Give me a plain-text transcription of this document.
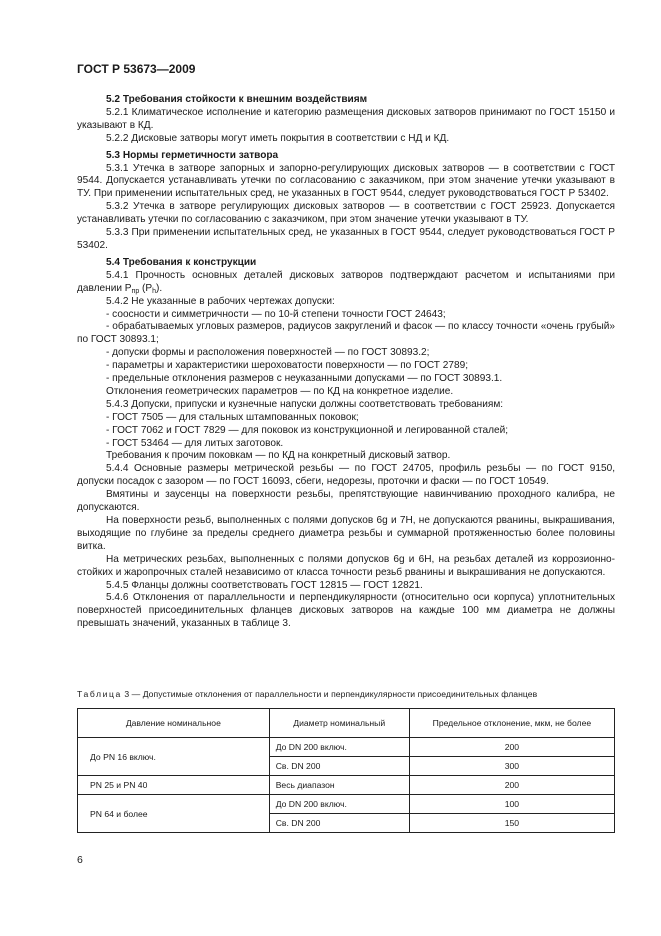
ГОСТ Р 53673—2009
5.2 Требования стойкости к внешним воздействиям
5.2.1 Климатическое исполнение и категорию размещения дисковых затворов принимают по ГОСТ 15150 и указывают в КД.
5.2.2 Дисковые затворы могут иметь покрытия в соответствии с НД и КД.
5.3 Нормы герметичности затвора
5.3.1 Утечка в затворе запорных и запорно-регулирующих дисковых затворов — в соответствии с ГОСТ 9544. Допускается устанавливать утечки по согласованию с заказчиком, при этом значение утечки указывают в ТУ. При применении испытательных сред, не указанных в ГОСТ 9544, следует руководствоваться ГОСТ Р 53402.
5.3.2 Утечка в затворе регулирующих дисковых затворов — в соответствии с ГОСТ 25923. Допускается устанавливать утечки по согласованию с заказчиком, при этом значение утечки указывают в ТУ.
5.3.3 При применении испытательных сред, не указанных в ГОСТ 9544, следует руководствоваться ГОСТ Р 53402.
5.4 Требования к конструкции
5.4.1 Прочность основных деталей дисковых затворов подтверждают расчетом и испытаниями при давлении $P_{пр}$ $(P_h)$.
5.4.2 Не указанные в рабочих чертежах допуски:
- соосности и симметричности — по 10-й степени точности ГОСТ 24643;
- обрабатываемых угловых размеров, радиусов закруглений и фасок — по классу точности «очень грубый» по ГОСТ 30893.1;
- допуски формы и расположения поверхностей — по ГОСТ 30893.2;
- параметры и характеристики шероховатости поверхности — по ГОСТ 2789;
- предельные отклонения размеров с неуказанными допусками — по ГОСТ 30893.1.
Отклонения геометрических параметров — по КД на конкретное изделие.
5.4.3 Допуски, припуски и кузнечные напуски должны соответствовать требованиям:
- ГОСТ 7505 — для стальных штампованных поковок;
- ГОСТ 7062 и ГОСТ 7829 — для поковок из конструкционной и легированной сталей;
- ГОСТ 53464 — для литых заготовок.
Требования к прочим поковкам — по КД на конкретный дисковый затвор.
5.4.4 Основные размеры метрической резьбы — по ГОСТ 24705, профиль резьбы — по ГОСТ 9150, допуски посадок с зазором — по ГОСТ 16093, сбеги, недорезы, проточки и фаски — по ГОСТ 10549.
Вмятины и заусенцы на поверхности резьбы, препятствующие навинчиванию проходного калибра, не допускаются.
На поверхности резьб, выполненных с полями допусков 6g и 7H, не допускаются рванины, выкрашивания, выходящие по глубине за пределы среднего диаметра резьбы и суммарной протяженностью более половины витка.
На метрических резьбах, выполненных с полями допусков 6g и 6H, на резьбах деталей из коррозионно-стойких и жаропрочных сталей независимо от класса точности резьб рванины и выкрашивания не допускаются.
5.4.5 Фланцы должны соответствовать ГОСТ 12815 — ГОСТ 12821.
5.4.6 Отклонения от параллельности и перпендикулярности (относительно оси корпуса) уплотнительных поверхностей присоединительных фланцев дисковых затворов на каждые 100 мм диаметра не должны превышать значений, указанных в таблице 3.
Таблица 3 — Допустимые отклонения от параллельности и перпендикулярности присоединительных фланцев
Давление номинальное	Диаметр номинальный	Предельное отклонение, мкм, не более
До PN 16 включ.	До DN 200 включ.	200
	Св. DN 200	300
PN 25 и PN 40	Весь диапазон	200
PN 64 и более	До DN 200 включ.	100
	Св. DN 200	150
6
